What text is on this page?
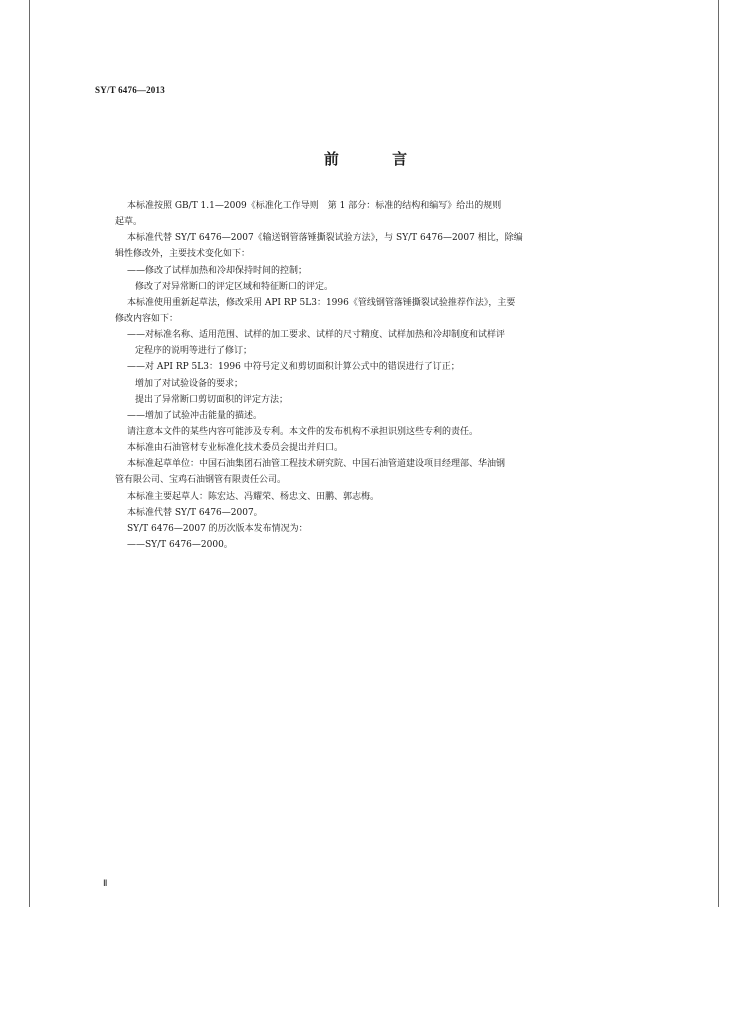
SY/T 6476—2013
前 言
本标准按照 GB/T 1.1—2009《标准化工作导则　第 1 部分：标准的结构和编写》给出的规则
起草。
本标准代替 SY/T 6476—2007《输送钢管落锤撕裂试验方法》，与 SY/T 6476—2007 相比，除编
辑性修改外，主要技术变化如下：
——修改了试样加热和冷却保持时间的控制；
修改了对异常断口的评定区域和特征断口的评定。
本标准使用重新起草法，修改采用 API RP 5L3：1996《管线钢管落锤撕裂试验推荐作法》，主要
修改内容如下：
——对标准名称、适用范围、试样的加工要求、试样的尺寸精度、试样加热和冷却制度和试样评
定程序的说明等进行了修订；
——对 API RP 5L3：1996 中符号定义和剪切面积计算公式中的错误进行了订正；
增加了对试验设备的要求；
提出了异常断口剪切面积的评定方法；
——增加了试验冲击能量的描述。
请注意本文件的某些内容可能涉及专利。本文件的发布机构不承担识别这些专利的责任。
本标准由石油管材专业标准化技术委员会提出并归口。
本标准起草单位：中国石油集团石油管工程技术研究院、中国石油管道建设项目经理部、华油钢
管有限公司、宝鸡石油钢管有限责任公司。
本标准主要起草人：陈宏达、冯耀荣、杨忠文、田鹏、郭志梅。
本标准代替 SY/T 6476—2007。
SY/T 6476—2007 的历次版本发布情况为：
——SY/T 6476—2000。
Ⅱ
